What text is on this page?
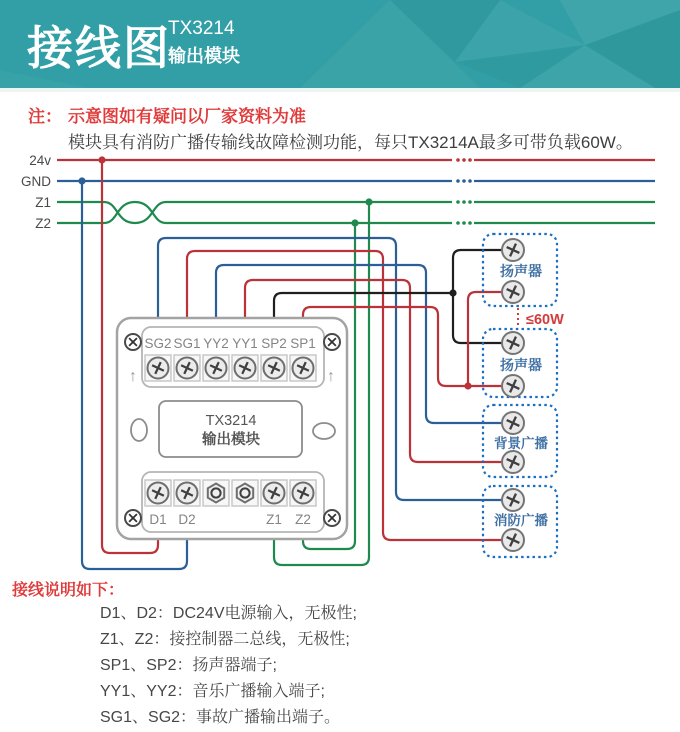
接线图
TX3214
输出模块
注： 示意图如有疑问以厂家资料为准
模块具有消防广播传输线故障检测功能，每只TX3214A最多可带负载60W。
24v
GND
Z1
Z2
↑	↑
SG2 SG1 YY2 YY1 SP2 SP1
TX3214
输出模块
D1 D2	Z1 Z2
扬声器
≤60W
扬声器
背景广播
消防广播
接线说明如下：
D1、D2：DC24V电源输入，无极性;
Z1、Z2：接控制器二总线，无极性;
SP1、SP2：扬声器端子;
YY1、YY2：音乐广播输入端子;
SG1、SG2：事故广播输出端子。
